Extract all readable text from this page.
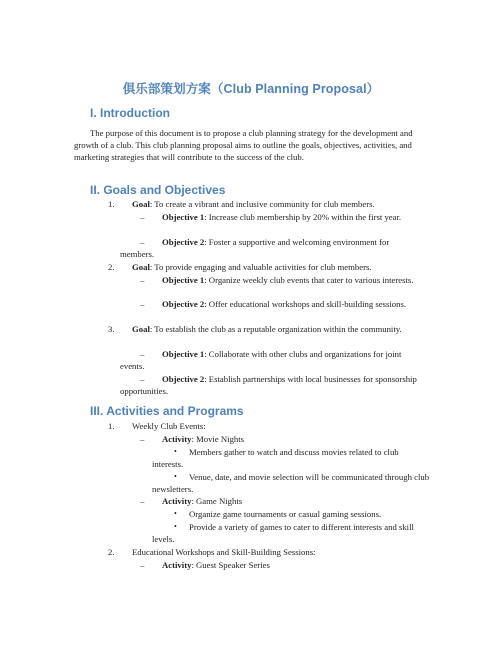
俱乐部策划方案（Club Planning Proposal）
I. Introduction
The purpose of this document is to propose a club planning strategy for the development and growth of a club. This club planning proposal aims to outline the goals, objectives, activities, and marketing strategies that will contribute to the success of the club.
II. Goals and Objectives
1. Goal: To create a vibrant and inclusive community for club members.
–	Objective 1: Increase club membership by 20% within the first year.
–	Objective 2: Foster a supportive and welcoming environment for members.
2. Goal: To provide engaging and valuable activities for club members.
–	Objective 1: Organize weekly club events that cater to various interests.
–	Objective 2: Offer educational workshops and skill-building sessions.
3.	Goal: To establish the club as a reputable organization within the community.
–	Objective 1: Collaborate with other clubs and organizations for joint events.
–	Objective 2: Establish partnerships with local businesses for sponsorship opportunities.
III. Activities and Programs
1. Weekly Club Events:
– Activity: Movie Nights
•	Members gather to watch and discuss movies related to club interests.
•	Venue, date, and movie selection will be communicated through club newsletters.
– Activity: Game Nights
•	Organize game tournaments or casual gaming sessions.
•	Provide a variety of games to cater to different interests and skill levels.
2. Educational Workshops and Skill-Building Sessions:
– Activity: Guest Speaker Series
